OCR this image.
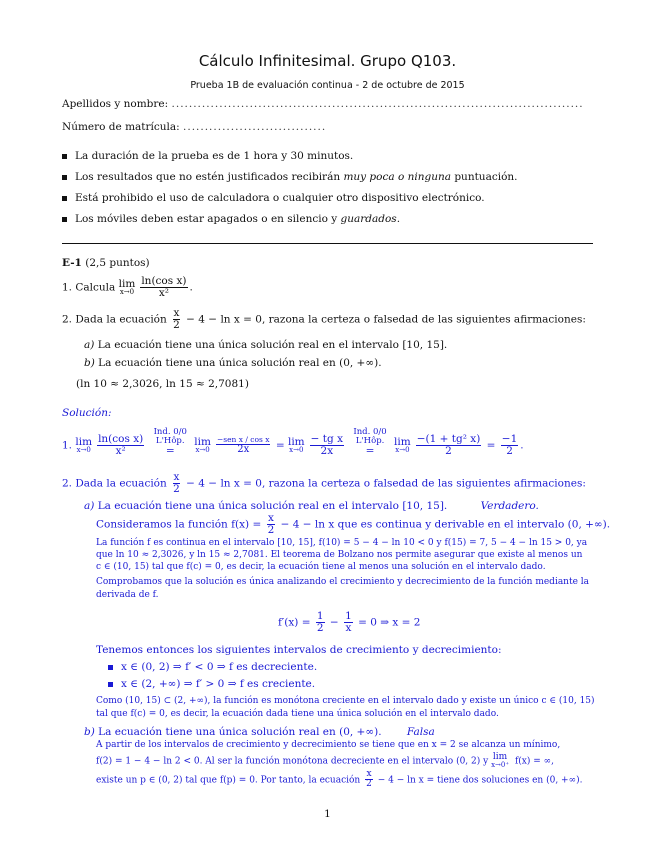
Cálculo Infinitesimal. Grupo Q103.
Prueba 1B de evaluación continua - 2 de octubre de 2015
Apellidos y nombre: ...............................................................................................
Número de matrícula: .................................
La duración de la prueba es de 1 hora y 30 minutos.
Los resultados que no estén justificados recibirán muy poca o ninguna puntuación.
Está prohibido el uso de calculadora o cualquier otro dispositivo electrónico.
Los móviles deben estar apagados o en silencio y guardados.
E-1 (2,5 puntos)
1. Calcula lim
$x\to 0 \frac{\text{ln(cos x)}}{\text{x²}}$ .
2. Dada la ecuación $\frac{x}{2} - 4 - \ln x = 0$, razona la certeza o falsedad de las siguientes afirmaciones:
a) La ecuación tiene una única solución real en el intervalo [10, 15].
b) La ecuación tiene una única solución real en (0, +∞).
(ln 10 ≈ 2,3026, ln 15 ≈ 2,7081)
Solución:
1. lim
$x\to 0 \frac{\text{ln(cos x)}}{\text{x²}}$

Ind. 0/0
L'Hôp.
=

lim
$x\to 0 \frac{\text{−sen x / cos x}}{2x} = \lim$
$x\to 0 \frac{\text{− tg x}}{2x}$

Ind. 0/0
L'Hôp.
=

lim
$x\to 0 \frac{\text{−(1 + tg² x)}}{2} = \frac{-1}{2}$ .
2. Dada la ecuación $\frac{x}{2} - 4 - \ln x = 0$, razona la certeza o falsedad de las siguientes afirmaciones:
a) La ecuación tiene una única solución real en el intervalo [10, 15].	Verdadero.
Consideramos la función $f(x) = \frac{x}{2} - 4 - \ln x$ que es continua y derivable en el intervalo (0, +∞).

La función f es continua en el intervalo [10, 15], f(10) = 5 − 4 − ln 10 < 0 y f(15) = 7, 5 − 4 − ln 15 > 0, ya

que ln 10 ≈ 2,3026, y ln 15 ≈ 2,7081. El teorema de Bolzano nos permite asegurar que existe al menos un

c ∈ (10, 15) tal que f(c) = 0, es decir, la ecuación tiene al menos una solución en el intervalo dado.

Comprobamos que la solución es única analizando el crecimiento y decrecimiento de la función mediante la

derivada de f.

$f'(x) = \frac{1}{2} - \frac{1}{x} = 0$ ⇒ x = 2
Tenemos entonces los siguientes intervalos de crecimiento y decrecimiento:
x ∈ (0, 2) ⇒ f′ < 0 ⇒ f es decreciente.
x ∈ (2, +∞) ⇒ f′ > 0 ⇒ f es creciente.

Como (10, 15) ⊂ (2, +∞), la función es monótona creciente en el intervalo dado y existe un único c ∈ (10, 15)

tal que f(c) = 0, es decir, la ecuación dada tiene una única solución en el intervalo dado.

b) La ecuación tiene una única solución real en (0, +∞). Falsa
A partir de los intervalos de crecimiento y decrecimiento se tiene que en x = 2 se alcanza un mínimo,
f(2) = 1 − 4 − ln 2 < 0. Al ser la función monótona decreciente en el intervalo (0, 2) y lim
x→0⁺ f(x) = ∞,
existe un p ∈ (0, 2) tal que f(p) = 0. Por tanto, la ecuación $\frac{x}{2} - 4 - \ln x$ = tiene dos soluciones en (0, +∞).
1
